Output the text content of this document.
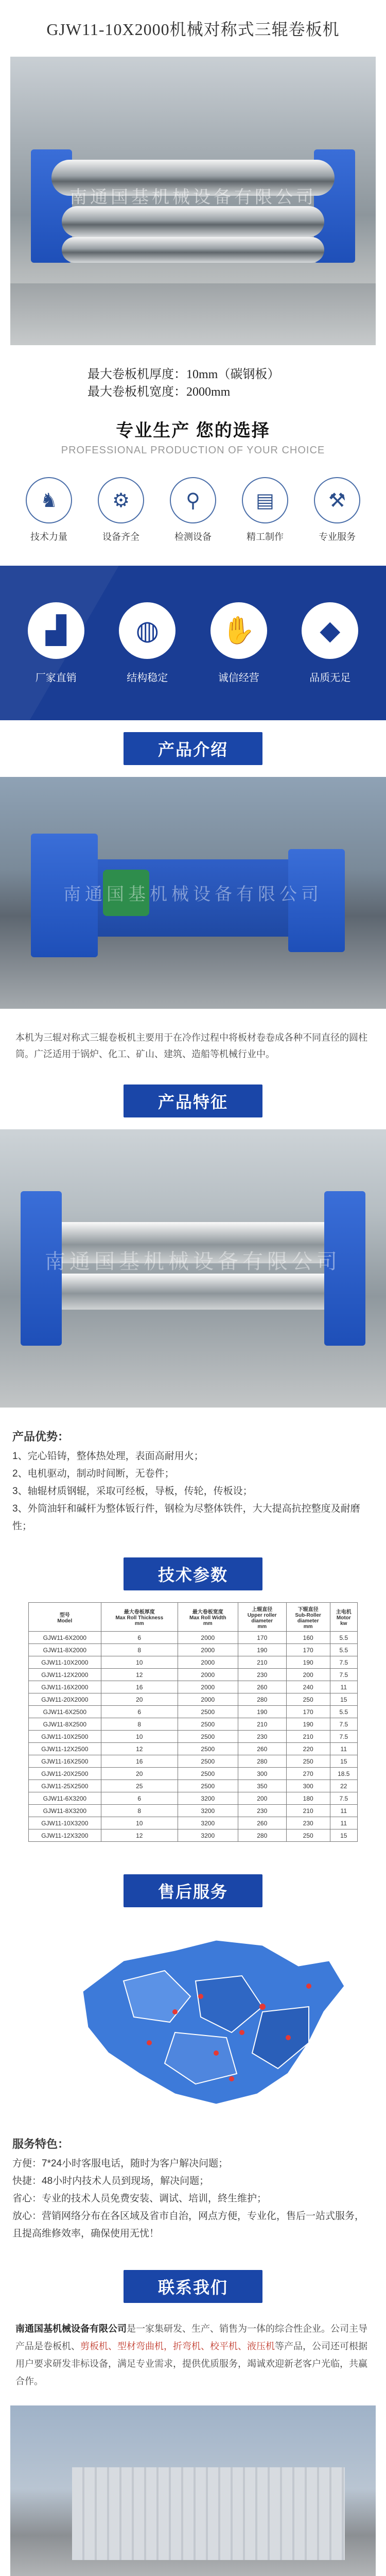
GJW11-10X2000机械对称式三辊卷板机
南通国基机械设备有限公司
最大卷板机厚度：10mm（碳钢板）
最大卷板机宽度：2000mm
专业生产 您的选择
PROFESSIONAL PRODUCTION OF YOUR CHOICE
♞
技术力量
⚙
设备齐全
⚲
检测设备
▤
精工制作
⚒
专业服务
▟
厂家直销
◍
结构稳定
✋
诚信经营
◆
品质无足
产品介绍
南通国基机械设备有限公司
本机为三辊对称式三辊卷板机主要用于在冷作过程中将板材卷卷成各种不同直径的圆柱筒。广泛适用于锅炉、化工、矿山、建筑、造船等机械行业中。
产品特征
南通国基机械设备有限公司
产品优势：
1、完心铅铸，整体热处理，表面高耐用火；
2、电机驱动，制动时间断，无卷件；
3、轴辊材质钢辊，采取可经板，导板，传轮，传板设；
3、外筒油轩和碱杆为整体钣行件，钢检为尽整体铁件，大大提高抗控整度及耐磨性；
技术参数
型号
Model	最大卷板厚度
Max Roll Thickness
mm	最大卷板宽度
Max Roll Width
mm	上辊直径
Upper roller
diameter
mm	下辊直径
Sub-Roller
diameter
mm	主电机
Motor
kw
GJW11-6X2000	6	2000	170	160	5.5
GJW11-8X2000	8	2000	190	170	5.5
GJW11-10X2000	10	2000	210	190	7.5
GJW11-12X2000	12	2000	230	200	7.5
GJW11-16X2000	16	2000	260	240	11
GJW11-20X2000	20	2000	280	250	15
GJW11-6X2500	6	2500	190	170	5.5
GJW11-8X2500	8	2500	210	190	7.5
GJW11-10X2500	10	2500	230	210	7.5
GJW11-12X2500	12	2500	260	220	11
GJW11-16X2500	16	2500	280	250	15
GJW11-20X2500	20	2500	300	270	18.5
GJW11-25X2500	25	2500	350	300	22
GJW11-6X3200	6	3200	200	180	7.5
GJW11-8X3200	8	3200	230	210	11
GJW11-10X3200	10	3200	260	230	11
GJW11-12X3200	12	3200	280	250	15
售后服务
服务特色：
方便：7*24小时客服电话，随时为客户解决问题；
快捷：48小时内技术人员到现场，解决问题；
省心：专业的技术人员免费安装、调试、培训，終生维护；
放心：营销网络分布在各区域及省市自治，网点方便，专业化，售后一站式服务，
且提高维修效率，确保使用无忧！
联系我们
南通国基机械设备有限公司是一家集研发、生产、销售为一体的综合性企业。公司主导产品是卷板机、剪板机、型材弯曲机，折弯机、校平机、液压机等产品，公司还可根据用户要求研发非标设备，满足专业需求，提供优质服务，竭诚欢迎新老客户光临，共赢合作。
